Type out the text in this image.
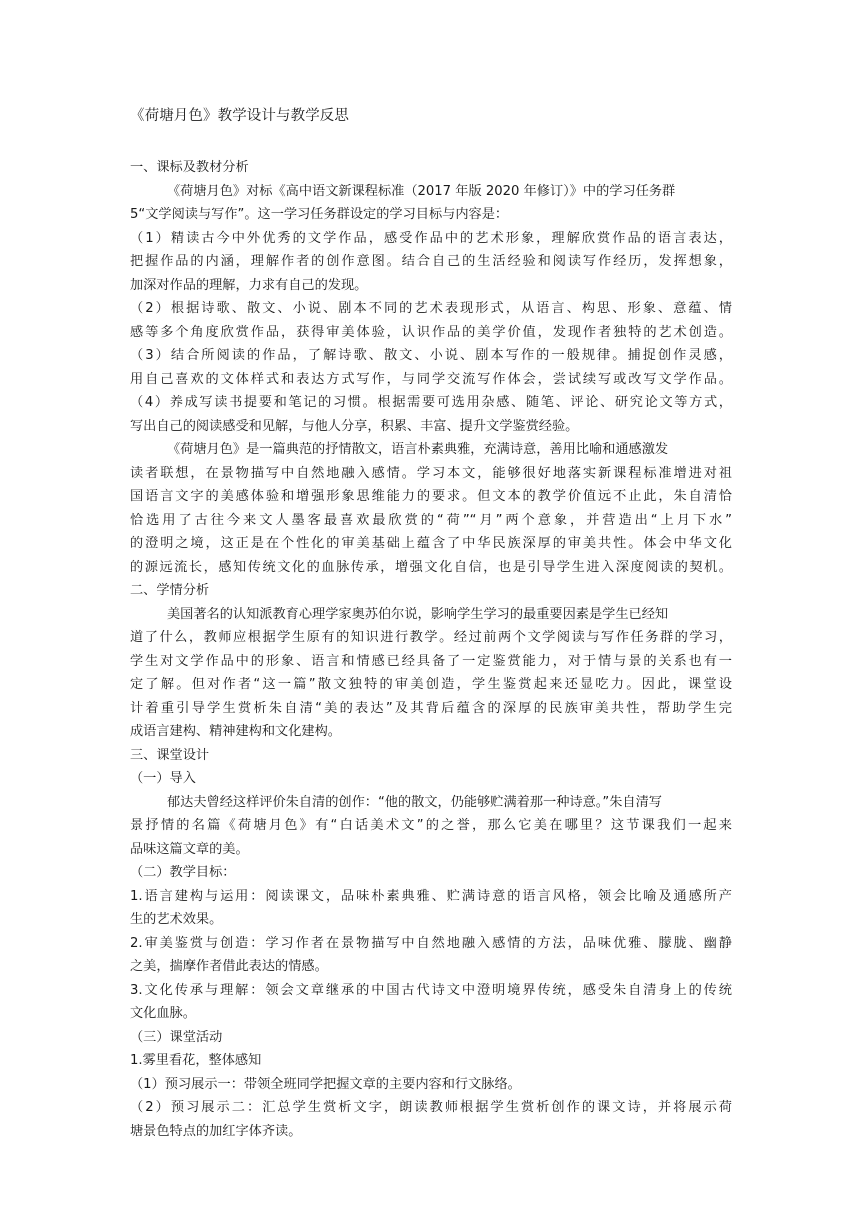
《荷塘月色》教学设计与教学反思
一、课标及教材分析
《荷塘月色》对标《高中语文新课程标准（2017 年版 2020 年修订）》中的学习任务群
5“文学阅读与写作”。这一学习任务群设定的学习目标与内容是：
（1）精读古今中外优秀的文学作品，感受作品中的艺术形象，理解欣赏作品的语言表达，
把握作品的内涵，理解作者的创作意图。结合自己的生活经验和阅读写作经历，发挥想象，
加深对作品的理解，力求有自己的发现。
（2）根据诗歌、散文、小说、剧本不同的艺术表现形式，从语言、构思、形象、意蕴、情
感等多个角度欣赏作品，获得审美体验，认识作品的美学价值，发现作者独特的艺术创造。
（3）结合所阅读的作品，了解诗歌、散文、小说、剧本写作的一般规律。捕捉创作灵感，
用自己喜欢的文体样式和表达方式写作，与同学交流写作体会，尝试续写或改写文学作品。
（4）养成写读书提要和笔记的习惯。根据需要可选用杂感、随笔、评论、研究论文等方式，
写出自己的阅读感受和见解，与他人分享，积累、丰富、提升文学鉴赏经验。
《荷塘月色》是一篇典范的抒情散文，语言朴素典雅，充满诗意，善用比喻和通感激发
读者联想，在景物描写中自然地融入感情。学习本文，能够很好地落实新课程标准增进对祖
国语言文字的美感体验和增强形象思维能力的要求。但文本的教学价值远不止此，朱自清恰
恰选用了古往今来文人墨客最喜欢最欣赏的“荷”“月”两个意象，并营造出“上月下水”
的澄明之境，这正是在个性化的审美基础上蕴含了中华民族深厚的审美共性。体会中华文化
的源远流长，感知传统文化的血脉传承，增强文化自信，也是引导学生进入深度阅读的契机。
二、学情分析
美国著名的认知派教育心理学家奥苏伯尔说，影响学生学习的最重要因素是学生已经知
道了什么，教师应根据学生原有的知识进行教学。经过前两个文学阅读与写作任务群的学习，
学生对文学作品中的形象、语言和情感已经具备了一定鉴赏能力，对于情与景的关系也有一
定了解。但对作者“这一篇”散文独特的审美创造，学生鉴赏起来还显吃力。因此，课堂设
计着重引导学生赏析朱自清“美的表达”及其背后蕴含的深厚的民族审美共性，帮助学生完
成语言建构、精神建构和文化建构。
三、课堂设计
（一）导入
郁达夫曾经这样评价朱自清的创作：“他的散文，仍能够贮满着那一种诗意。”朱自清写
景抒情的名篇《荷塘月色》有“白话美术文”的之誉，那么它美在哪里？这节课我们一起来
品味这篇文章的美。
（二）教学目标：
1.语言建构与运用：阅读课文，品味朴素典雅、贮满诗意的语言风格，领会比喻及通感所产
生的艺术效果。
2.审美鉴赏与创造：学习作者在景物描写中自然地融入感情的方法，品味优雅、朦胧、幽静
之美，揣摩作者借此表达的情感。
3.文化传承与理解：领会文章继承的中国古代诗文中澄明境界传统，感受朱自清身上的传统
文化血脉。
（三）课堂活动
1.雾里看花，整体感知
（1）预习展示一：带领全班同学把握文章的主要内容和行文脉络。
（2）预习展示二：汇总学生赏析文字，朗读教师根据学生赏析创作的课文诗，并将展示荷
塘景色特点的加红字体齐读。
